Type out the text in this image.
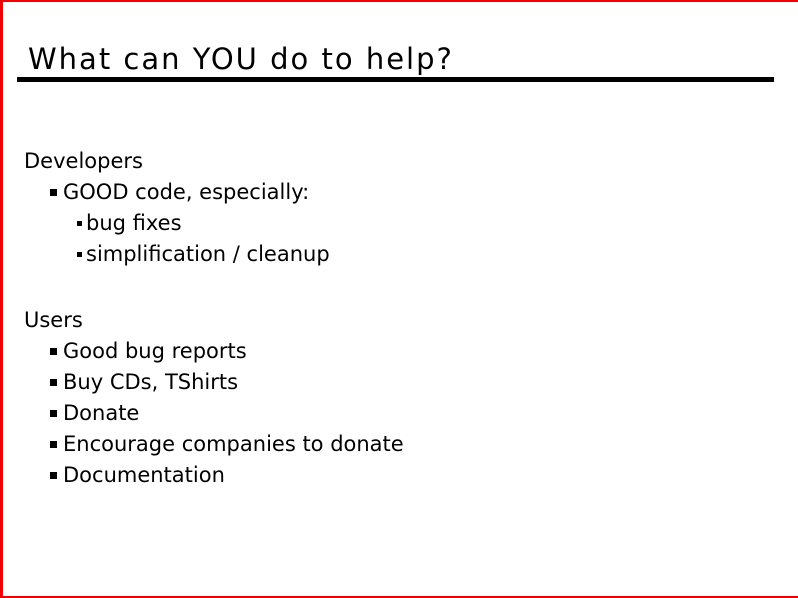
What can YOU do to help?
Developers
GOOD code, especially:
bug fixes
simplification / cleanup
Users
Good bug reports
Buy CDs, TShirts
Donate
Encourage companies to donate
Documentation
